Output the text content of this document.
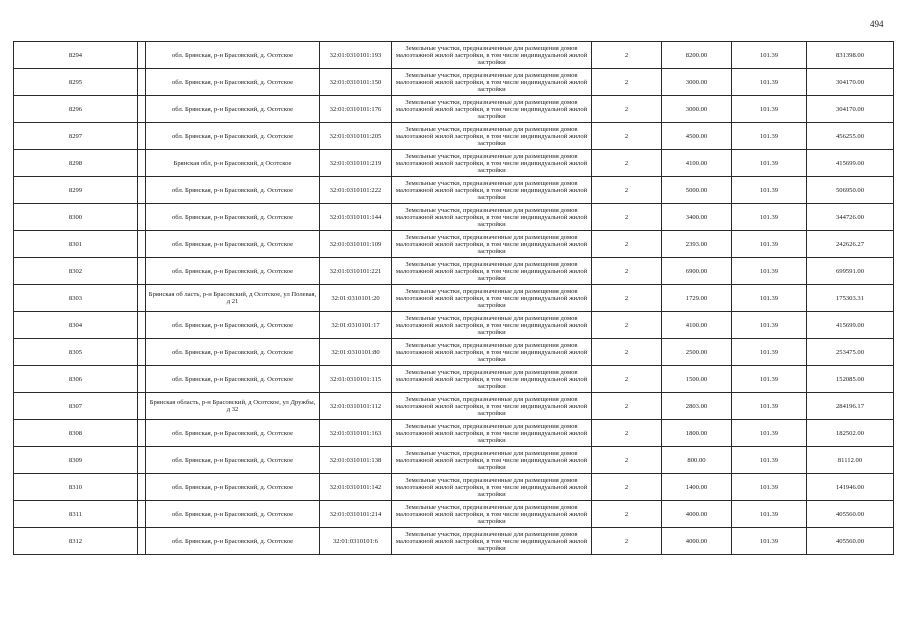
494
8294		обл. Брянская, р-н Брасовский, д. Осотское	32:01:0310101:193	Земельные участки, предназначенные для размещения домов малоэтажной жилой застройки, в том числе индивидуальной жилой застройки	2	8200.00	101.39	831398.00
8295		обл. Брянская, р-н Брасовский, д. Осотское	32:01:0310101:150	Земельные участки, предназначенные для размещения домов малоэтажной жилой застройки, в том числе индивидуальной жилой застройки	2	3000.00	101.39	304170.00
8296		обл. Брянская, р-н Брасовский, д. Осотское	32:01:0310101:176	Земельные участки, предназначенные для размещения домов малоэтажной жилой застройки, в том числе индивидуальной жилой застройки	2	3000.00	101.39	304170.00
8297		обл. Брянская, р-н Брасовский, д. Осотское	32:01:0310101:205	Земельные участки, предназначенные для размещения домов малоэтажной жилой застройки, в том числе индивидуальной жилой застройки	2	4500.00	101.39	456255.00
8298		Брянская обл, р-н Брасовский, д Осотское	32:01:0310101:219	Земельные участки, предназначенные для размещения домов малоэтажной жилой застройки, в том числе индивидуальной жилой застройки	2	4100.00	101.39	415699.00
8299		обл. Брянская, р-н Брасовский, д. Осотское	32:01:0310101:222	Земельные участки, предназначенные для размещения домов малоэтажной жилой застройки, в том числе индивидуальной жилой застройки	2	5000.00	101.39	506950.00
8300		обл. Брянская, р-н Брасовский, д. Осотское	32:01:0310101:144	Земельные участки, предназначенные для размещения домов малоэтажной жилой застройки, в том числе индивидуальной жилой застройки	2	3400.00	101.39	344726.00
8301		обл. Брянская, р-н Брасовский, д. Осотское	32:01:0310101:109	Земельные участки, предназначенные для размещения домов малоэтажной жилой застройки, в том числе индивидуальной жилой застройки	2	2393.00	101.39	242626.27
8302		обл. Брянская, р-н Брасовский, д. Осотское	32:01:0310101:221	Земельные участки, предназначенные для размещения домов малоэтажной жилой застройки, в том числе индивидуальной жилой застройки	2	6900.00	101.39	699591.00
8303		Брянская об ласть, р-н Брасовский, д Осотское, ул Полевая, д 21	32:01:0310101:20	Земельные участки, предназначенные для размещения домов малоэтажной жилой застройки, в том числе индивидуальной жилой застройки	2	1729.00	101.39	175303.31
8304		обл. Брянская, р-н Брасовский, д. Осотское	32:01:0310101:17	Земельные участки, предназначенные для размещения домов малоэтажной жилой застройки, в том числе индивидуальной жилой застройки	2	4100.00	101.39	415699.00
8305		обл. Брянская, р-н Брасовский, д. Осотское	32:01:0310101:80	Земельные участки, предназначенные для размещения домов малоэтажной жилой застройки, в том числе индивидуальной жилой застройки	2	2500.00	101.39	253475.00
8306		обл. Брянская, р-н Брасовский, д. Осотское	32:01:0310101:115	Земельные участки, предназначенные для размещения домов малоэтажной жилой застройки, в том числе индивидуальной жилой застройки	2	1500.00	101.39	152085.00
8307		Брянская область, р-н Брасовский, д Осотское, ул Дружбы, д 32	32:01:0310101:112	Земельные участки, предназначенные для размещения домов малоэтажной жилой застройки, в том числе индивидуальной жилой застройки	2	2803.00	101.39	284196.17
8308		обл. Брянская, р-н Брасовский, д. Осотское	32:01:0310101:163	Земельные участки, предназначенные для размещения домов малоэтажной жилой застройки, в том числе индивидуальной жилой застройки	2	1800.00	101.39	182502.00
8309		обл. Брянская, р-н Брасовский, д. Осотское	32:01:0310101:138	Земельные участки, предназначенные для размещения домов малоэтажной жилой застройки, в том числе индивидуальной жилой застройки	2	800.00	101.39	81112.00
8310		обл. Брянская, р-н Брасовский, д. Осотское	32:01:0310101:142	Земельные участки, предназначенные для размещения домов малоэтажной жилой застройки, в том числе индивидуальной жилой застройки	2	1400.00	101.39	141946.00
8311		обл. Брянская, р-н Брасовский, д. Осотское	32:01:0310101:214	Земельные участки, предназначенные для размещения домов малоэтажной жилой застройки, в том числе индивидуальной жилой застройки	2	4000.00	101.39	405560.00
8312		обл. Брянская, р-н Брасовский, д. Осотское	32:01:0310101:6	Земельные участки, предназначенные для размещения домов малоэтажной жилой застройки, в том числе индивидуальной жилой застройки	2	4000.00	101.39	405560.00
